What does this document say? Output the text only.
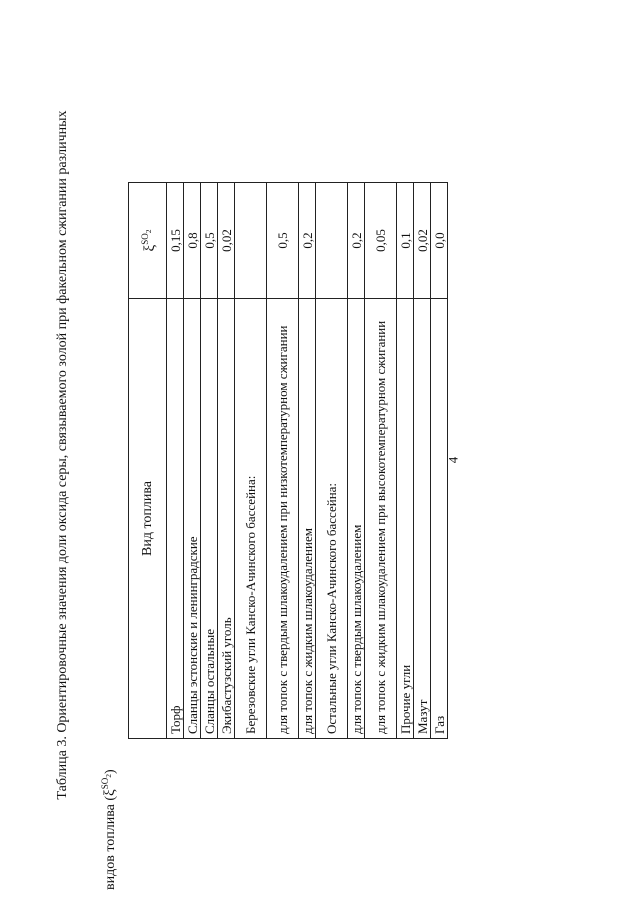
4
Таблица 3. Ориентировочные значения доли оксида серы, связываемого золой при факельном сжигании различных
видов топлива $(\xi^{SO_2})$
Вид топлива	$\xi^{SO_2}$
Торф	0,15
Сланцы эстонские и ленинградские	0,8
Сланцы остальные	0,5
Экибастузский уголь	0,02
Березовские угли Канско-Ачинского бассейна:	
для топок с твердым шлакоудалением при низкотемпературном сжигании	0,5
для топок с жидким шлакоудалением	0,2
Остальные угли Канско-Ачинского бассейна:	
для топок с твердым шлакоудалением	0,2
для топок с жидким шлакоудалением при высокотемпературном сжигании	0,05
Прочие угли	0,1
Мазут	0,02
Газ	0,0
